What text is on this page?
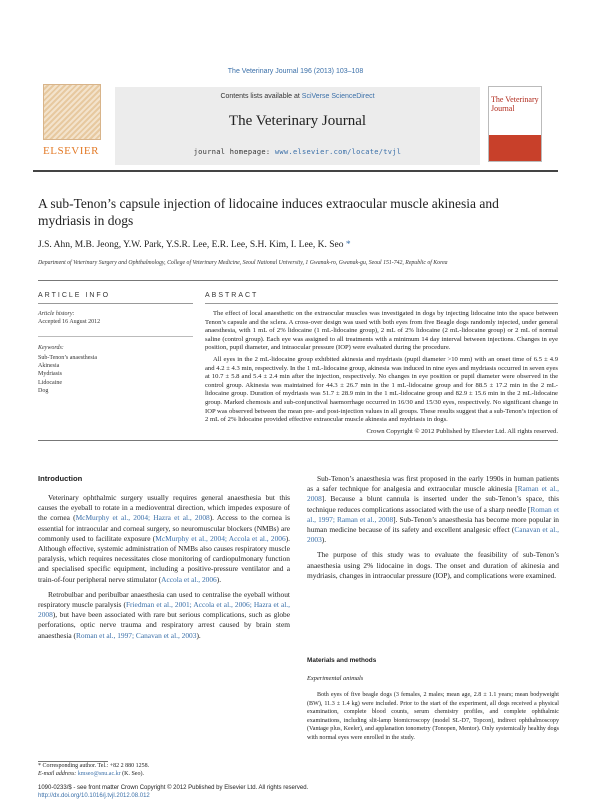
The Veterinary Journal 196 (2013) 103–108
ELSEVIER
Contents lists available at SciVerse ScienceDirect
The Veterinary Journal
journal homepage: www.elsevier.com/locate/tvjl
The Veterinary Journal
A sub-Tenon’s capsule injection of lidocaine induces extraocular muscle akinesia and mydriasis in dogs
J.S. Ahn, M.B. Jeong, Y.W. Park, Y.S.R. Lee, E.R. Lee, S.H. Kim, I. Lee, K. Seo *
Department of Veterinary Surgery and Ophthalmology, College of Veterinary Medicine, Seoul National University, 1 Gwanak-ro, Gwanak-gu, Seoul 151-742, Republic of Korea
ARTICLE INFO	ABSTRACT
Article history:
Accepted 16 August 2012
Keywords:
Sub-Tenon’s anaesthesia
Akinesia
Mydriasis
Lidocaine
Dog

The effect of local anaesthetic on the extraocular muscles was investigated in dogs by injecting lidocaine into the space between Tenon’s capsule and the sclera. A cross-over design was used with both eyes from five Beagle dogs randomly injected, under general anaesthesia, with 1 mL of 2% lidocaine (1 mL-lidocaine group), 2 mL of 2% lidocaine (2 mL-lidocaine group) or 2 mL of normal saline (control group). Each eye was assigned to all treatments with a minimum 14 day interval between injections. Changes in eye position, pupil diameter, and intraocular pressure (IOP) were evaluated during the procedure.

All eyes in the 2 mL-lidocaine group exhibited akinesia and mydriasis (pupil diameter >10 mm) with an onset time of 6.5 ± 4.9 and 4.2 ± 4.3 min, respectively. In the 1 mL-lidocaine group, akinesia was induced in nine eyes and mydriasis occurred in seven eyes at 10.7 ± 5.8 and 5.4 ± 2.4 min after the injection, respectively. No changes in eye position or pupil diameter were observed in the control group. Akinesia was maintained for 44.3 ± 26.7 min in the 1 mL-lidocaine group and for 88.5 ± 17.2 min in the 2 mL-lidocaine group. Duration of mydriasis was 51.7 ± 28.9 min in the 1 mL-lidocaine group and 82.9 ± 15.6 min in the 2 mL-lidocaine group. Marked chemosis and sub-conjunctival haemorrhage occurred in 16/30 and 15/30 eyes, respectively. No significant change in IOP was observed between the mean pre- and post-injection values in all groups. These results suggest that a sub-Tenon’s injection of 2 mL of 2% lidocaine provided effective extraocular muscle akinesia and mydriasis in dogs.

Crown Copyright © 2012 Published by Elsevier Ltd. All rights reserved.

Introduction

Veterinary ophthalmic surgery usually requires general anaesthesia but this causes the eyeball to rotate in a medioventral direction, which impedes exposure of the cornea (McMurphy et al., 2004; Hazra et al., 2008). Access to the cornea is essential for intraocular and corneal surgery, so neuromuscular blockers (NMBs) are commonly used to facilitate exposure (McMurphy et al., 2004; Accola et al., 2006). Although effective, systemic administration of NMBs also causes respiratory muscle paralysis, which requires necessitates close monitoring of cardiopulmonary function and specialised specific equipment, including a positive-pressure ventilator and a train-of-four peripheral nerve stimulator (Accola et al., 2006).

Retrobulbar and peribulbar anaesthesia can used to centralise the eyeball without respiratory muscle paralysis (Friedman et al., 2001; Accola et al., 2006; Hazra et al., 2008), but have been associated with rare but serious complications, such as globe perforations, optic nerve trauma and respiratory arrest caused by brain stem anaesthesia (Roman et al., 1997; Canavan et al., 2003).

Sub-Tenon’s anaesthesia was first proposed in the early 1990s in human patients as a safer technique for analgesia and extraocular muscle akinesia [Raman et al., 2008]. Because a blunt cannula is inserted under the sub-Tenon’s space, this technique reduces complications associated with the use of a sharp needle [Roman et al., 1997; Raman et al., 2008]. Sub-Tenon’s anaesthesia has become more popular in human medicine because of its safety and excellent analgesic effect (Canavan et al., 2003).

The purpose of this study was to evaluate the feasibility of sub-Tenon’s anaesthesia using 2% lidocaine in dogs. The onset and duration of akinesia and mydriasis, changes in intraocular pressure (IOP), and complications were examined.

Materials and methods
Experimental animals

Both eyes of five beagle dogs (3 females, 2 males; mean age, 2.8 ± 1.1 years; mean bodyweight (BW), 11.3 ± 1.4 kg) were included. Prior to the start of the experiment, all dogs received a physical examination, complete blood counts, serum chemistry profiles, and complete ophthalmic examinations, including slit-lamp biomicroscopy (model SL-D7, Topcon), indirect ophthalmoscopy (Vantage plus, Keeler), and applanation tonometry (Tonopen, Mentor). Only systemically healthy dogs with normal eyes were enrolled in the study.

* Corresponding author. Tel.: +82 2 880 1258.
E-mail address: kmseo@snu.ac.kr (K. Seo).
1090-0233/$ - see front matter Crown Copyright © 2012 Published by Elsevier Ltd. All rights reserved.
http://dx.doi.org/10.1016/j.tvjl.2012.08.012
